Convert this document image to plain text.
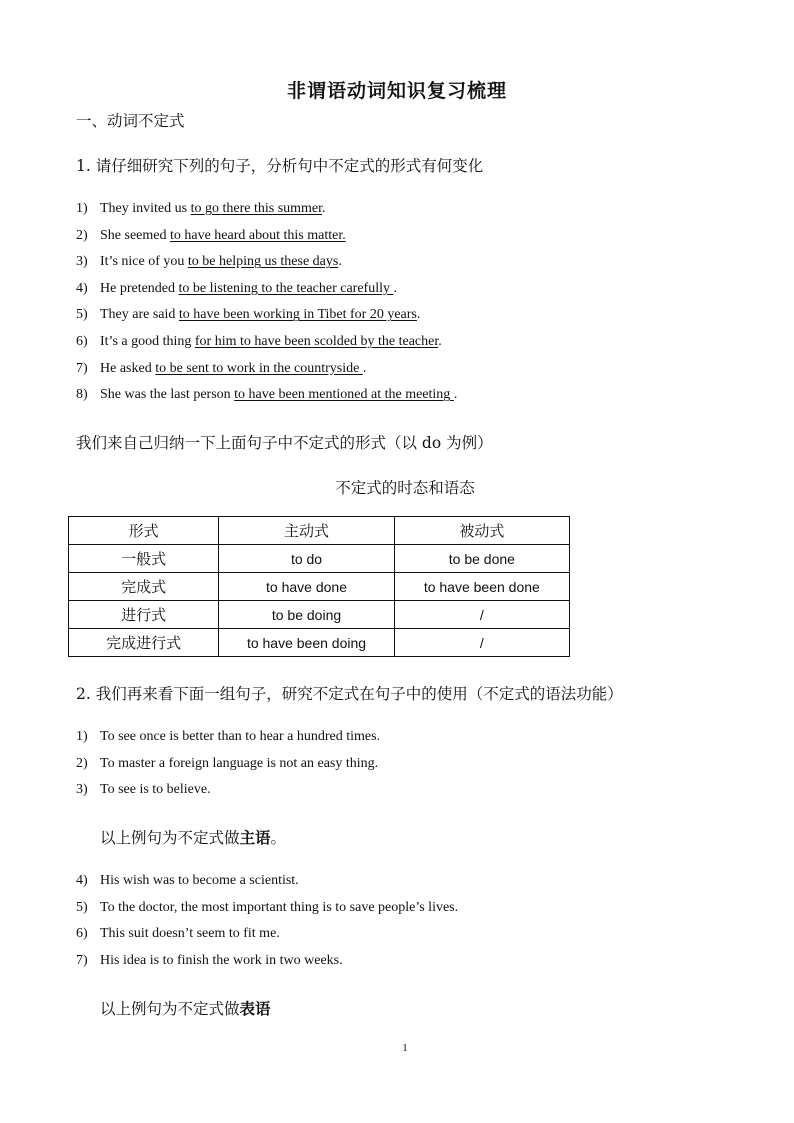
非谓语动词知识复习梳理
一、动词不定式
1. 请仔细研究下列的句子，分析句中不定式的形式有何变化
1) They invited us to go there this summer.
2) She seemed to have heard about this matter.
3) It’s nice of you to be helping us these days.
4) He pretended to be listening to the teacher carefully .
5) They are said to have been working in Tibet for 20 years.
6) It’s a good thing for him to have been scolded by the teacher.
7) He asked to be sent to work in the countryside .
8) She was the last person to have been mentioned at the meeting .
我们来自己归纳一下上面句子中不定式的形式（以 do 为例）
不定式的时态和语态
形式	主动式	被动式
一般式	to do	to be done
完成式	to have done	to have been done
进行式	to be doing	/
完成进行式	to have been doing	/
2. 我们再来看下面一组句子，研究不定式在句子中的使用（不定式的语法功能）
1) To see once is better than to hear a hundred times.
2) To master a foreign language is not an easy thing.
3) To see is to believe.
以上例句为不定式做主语。
4) His wish was to become a scientist.
5) To the doctor, the most important thing is to save people’s lives.
6) This suit doesn’t seem to fit me.
7) His idea is to finish the work in two weeks.
以上例句为不定式做表语
1
